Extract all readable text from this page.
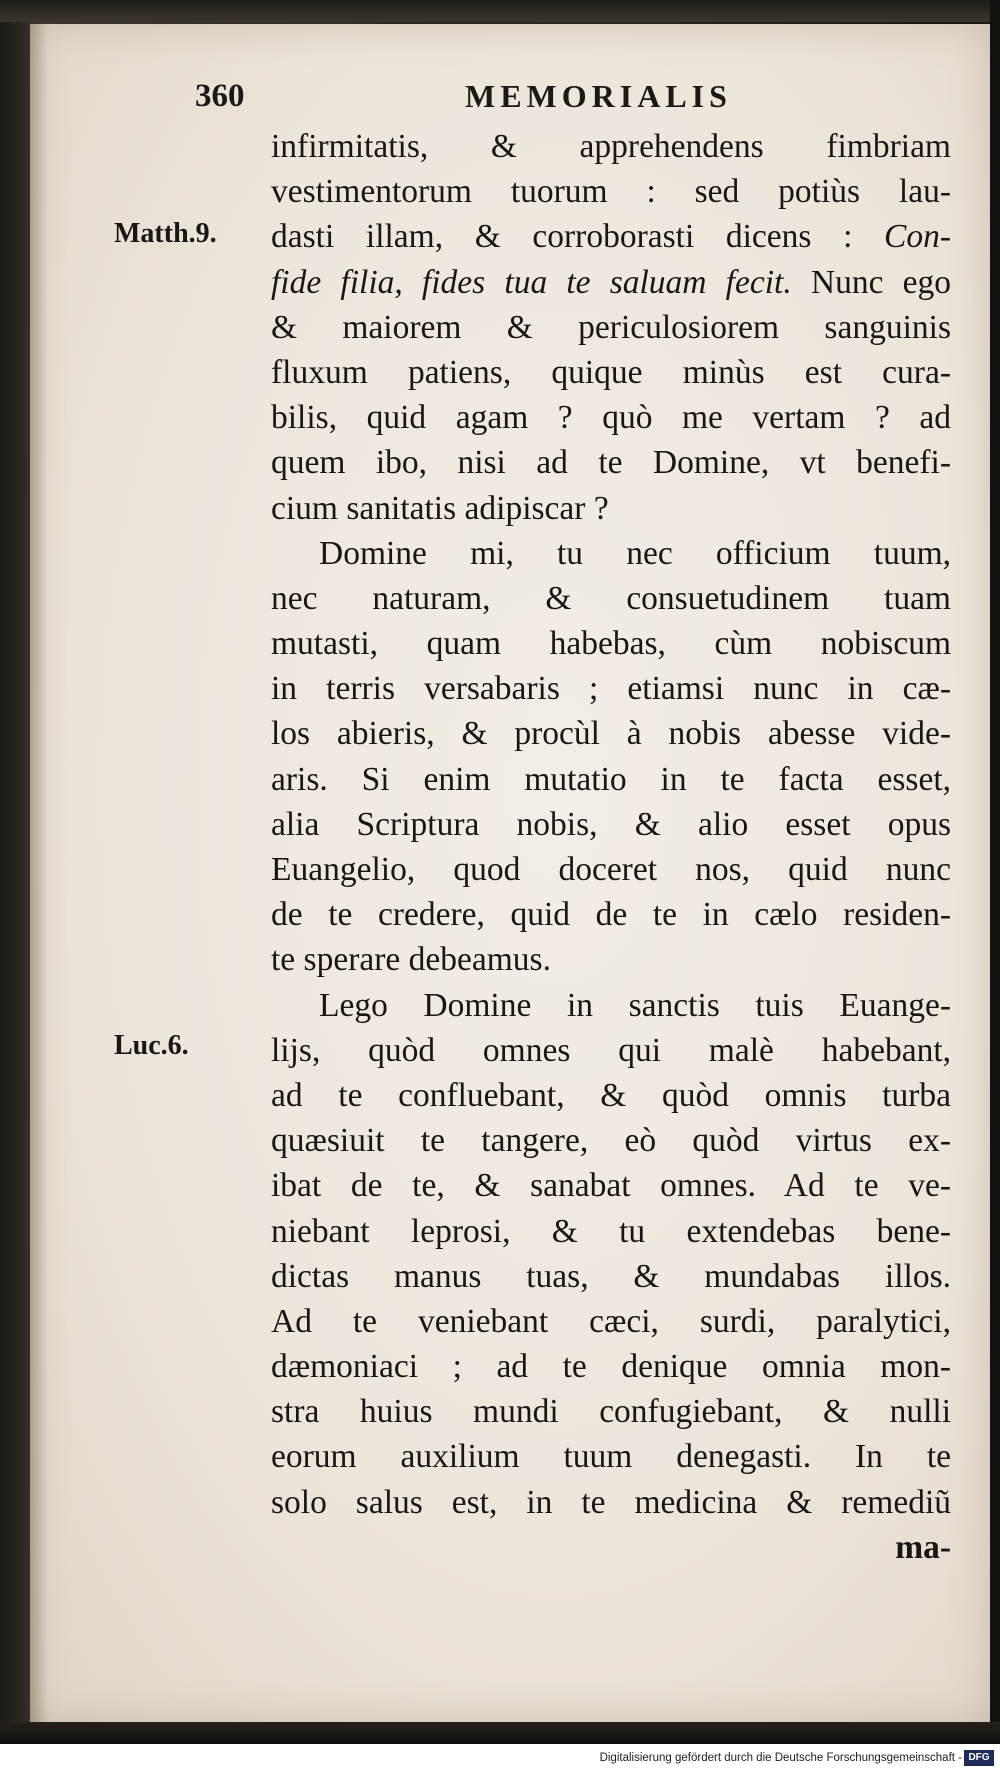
360	MEMORIALIS
Matth.9.
Luc.6.
infirmitatis, & apprehendens fimbriam
vestimentorum tuorum : sed potiùs lau-
dasti illam, & corroborasti dicens : Con-
fide filia, fides tua te saluam fecit. Nunc ego
& maiorem & periculosiorem sanguinis
fluxum patiens, quique minùs est cura-
bilis, quid agam ? quò me vertam ? ad
quem ibo, nisi ad te Domine, vt benefi-
cium sanitatis adipiscar ?
Domine mi, tu nec officium tuum,
nec naturam, & consuetudinem tuam
mutasti, quam habebas, cùm nobiscum
in terris versabaris ; etiamsi nunc in cæ-
los abieris, & procùl à nobis abesse vide-
aris. Si enim mutatio in te facta esset,
alia Scriptura nobis, & alio esset opus
Euangelio, quod doceret nos, quid nunc
de te credere, quid de te in cælo residen-
te sperare debeamus.
Lego Domine in sanctis tuis Euange-
lijs, quòd omnes qui malè habebant,
ad te confluebant, & quòd omnis turba
quæsiuit te tangere, eò quòd virtus ex-
ibat de te, & sanabat omnes. Ad te ve-
niebant leprosi, & tu extendebas bene-
dictas manus tuas, & mundabas illos.
Ad te veniebant cæci, surdi, paralytici,
dæmoniaci ; ad te denique omnia mon-
stra huius mundi confugiebant, & nulli
eorum auxilium tuum denegasti. In te
solo salus est, in te medicina & remediũ
ma-
Digitalisierung gefördert durch die Deutsche Forschungsgemeinschaft - DFG
